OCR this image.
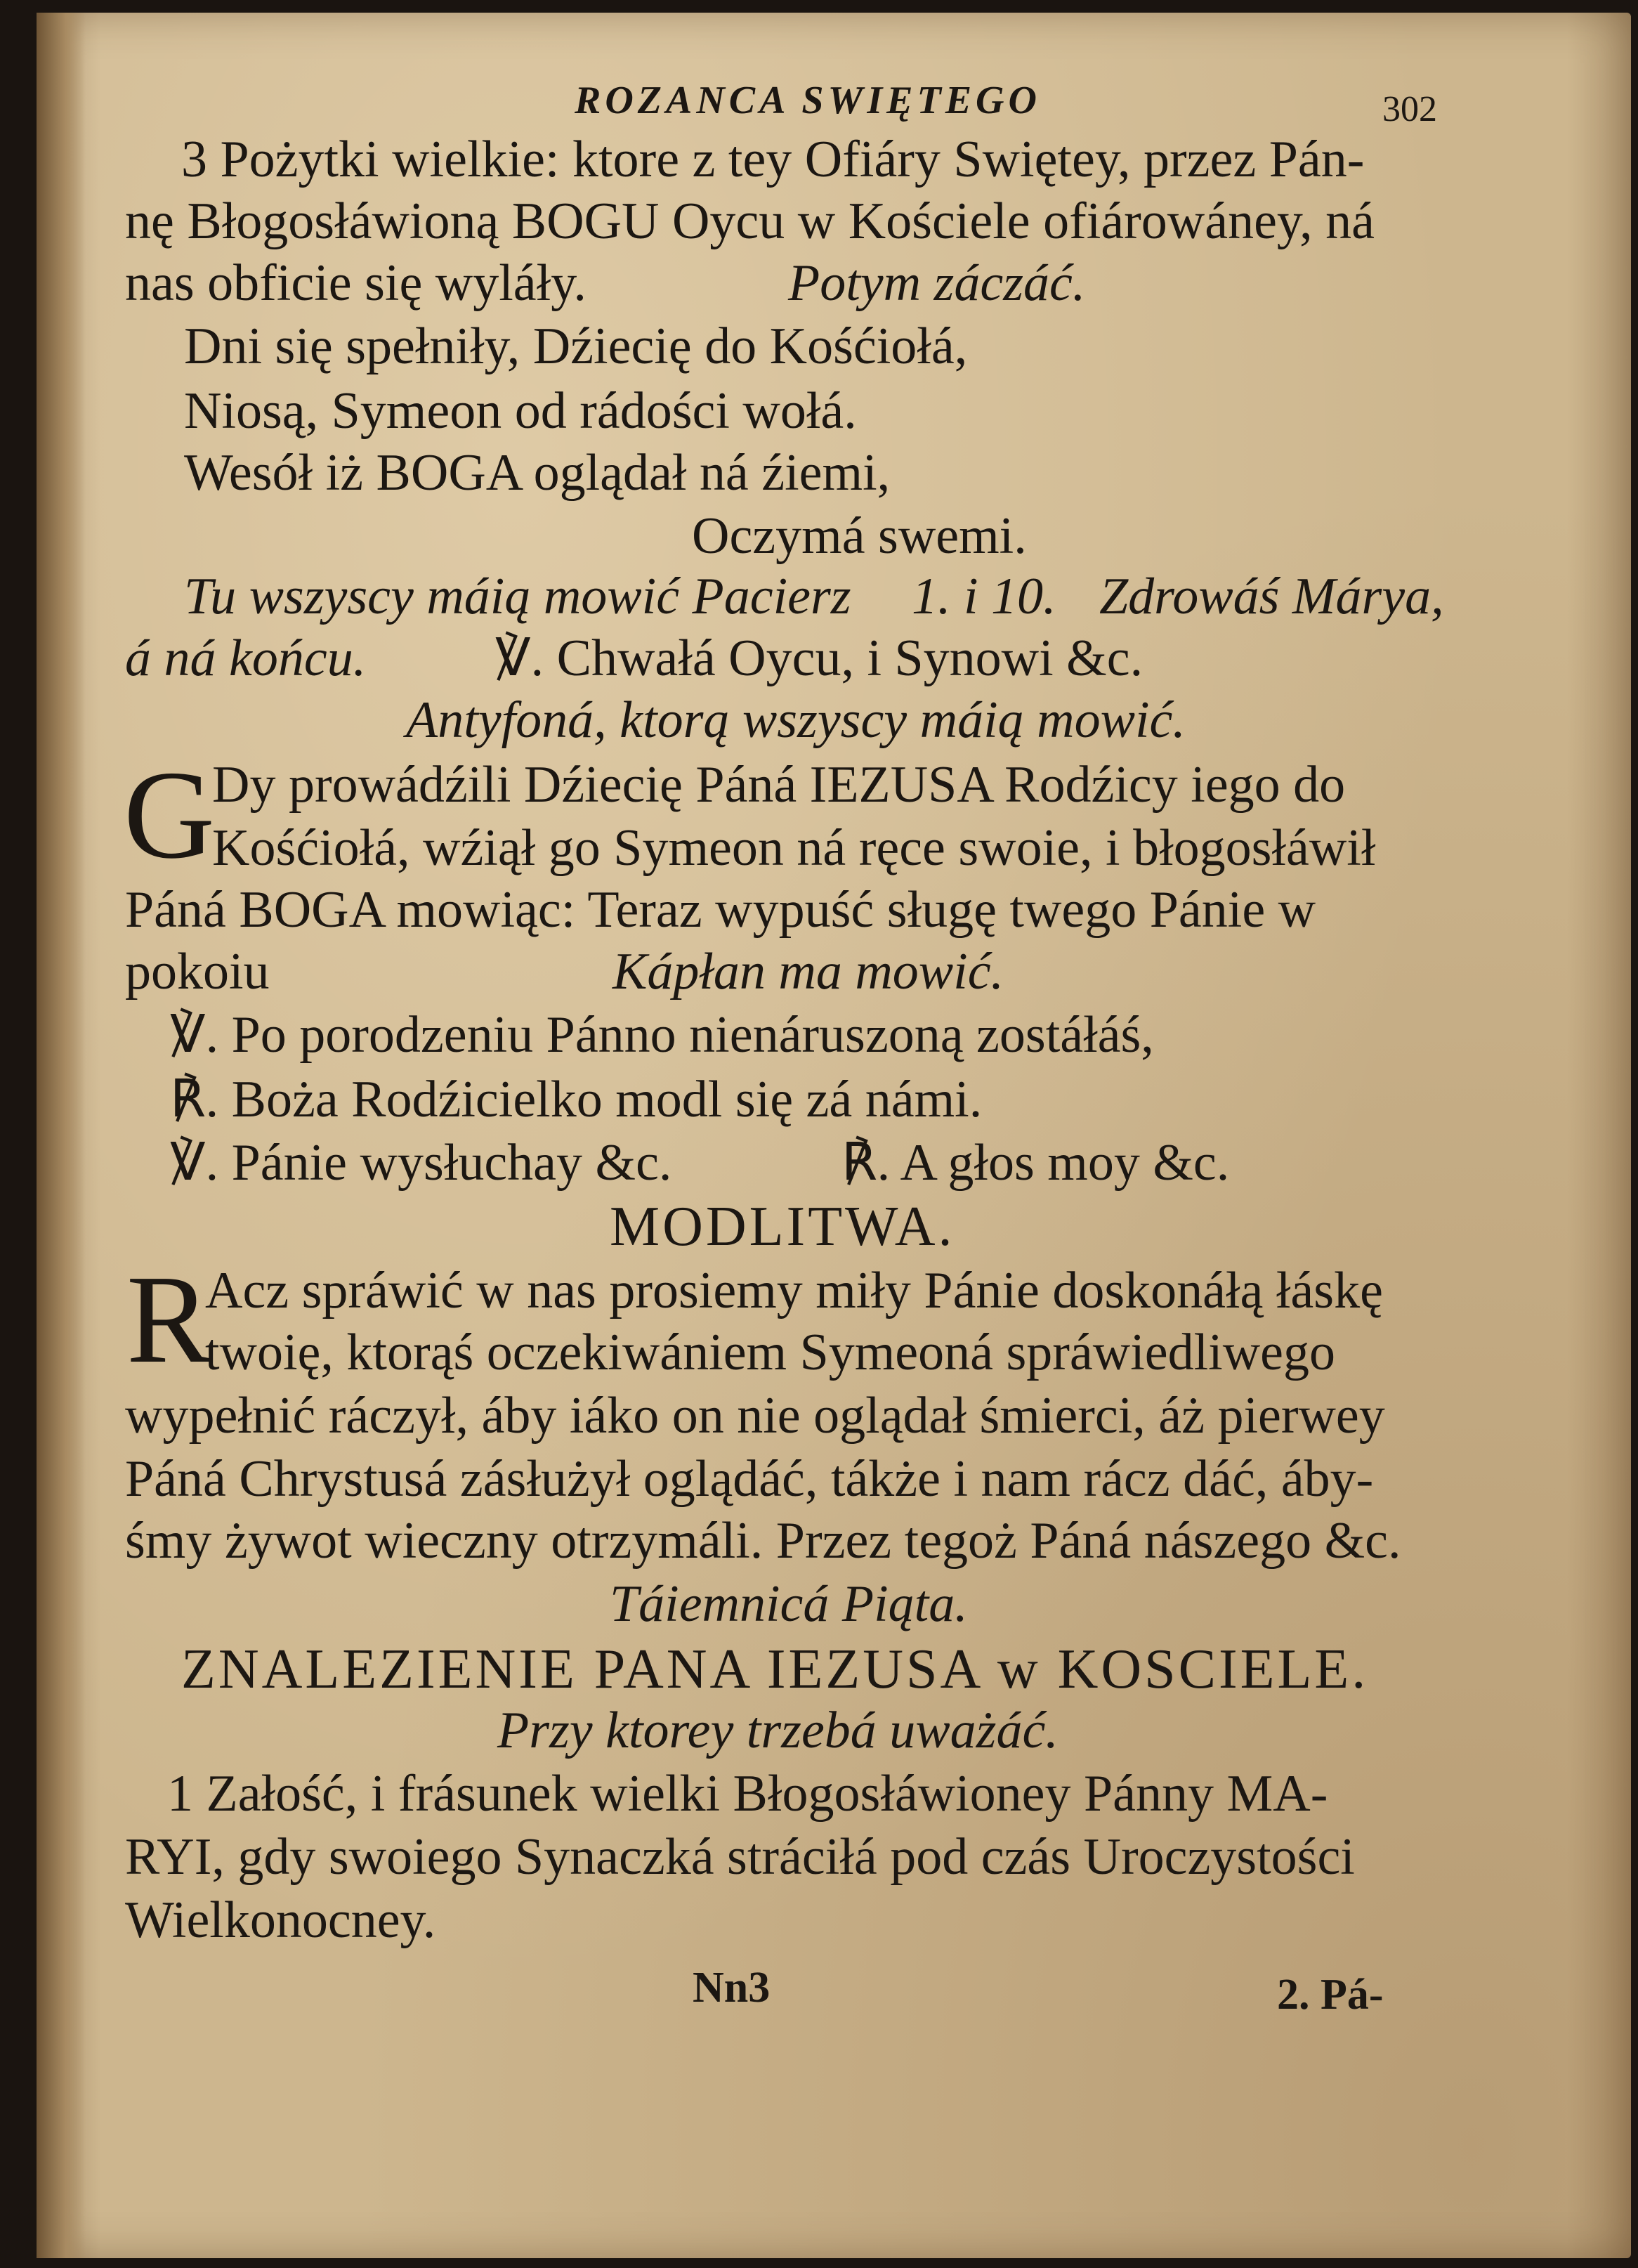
ROZANCA SWIĘTEGO	302
3 Pożytki wielkie: ktore z tey Ofiáry Swiętey, przez Pán-
nę Błogosłáwioną BOGU Oycu w Kościele ofiárowáney, ná
nas obficie się wyláły.	Potym záczáć.
Dni się spełniły, Dźiecię do Kośćiołá,
Niosą, Symeon od rádości wołá.
Wesół iż BOGA oglądał ná źiemi,
Oczymá swemi.
Tu wszyscy máią mowić Pacierz 1. i 10. Zdrowáś Márya,
á ná końcu. ℣. Chwałá Oycu, i Synowi &c.
Antyfoná, ktorą wszyscy máią mowić.
G
Dy prowádźili Dźiecię Páná IEZUSA Rodźicy iego do
Kośćiołá, wźiął go Symeon ná ręce swoie, i błogosłáwił
Páná BOGA mowiąc: Teraz wypuść sługę twego Pánie w
pokoiu	Kápłan ma mowić.
℣. Po porodzeniu Pánno nienáruszoną zostáłáś,
℟. Boża Rodźicielko modl się zá námi.
℣. Pánie wysłuchay &c.	℟. A głos moy &c.
MODLITWA.
R
Acz spráwić w nas prosiemy miły Pánie doskonáłą łáskę
twoię, ktorąś oczekiwániem Symeoná spráwiedliwego
wypełnić ráczył, áby iáko on nie oglądał śmierci, áż pierwey
Páná Chrystusá zásłużył oglądáć, tákże i nam rácz dáć, áby-
śmy żywot wieczny otrzymáli. Przez tegoż Páná nászego &c.
Táiemnicá Piąta.
ZNALEZIENIE PANA IEZUSA w KOSCIELE.
Przy ktorey trzebá uważáć.
1 Załość, i frásunek wielki Błogosłáwioney Pánny MA-
RYI, gdy swoiego Synaczká stráciłá pod czás Uroczystości
Wielkonocney.
Nn3	2. Pá-
